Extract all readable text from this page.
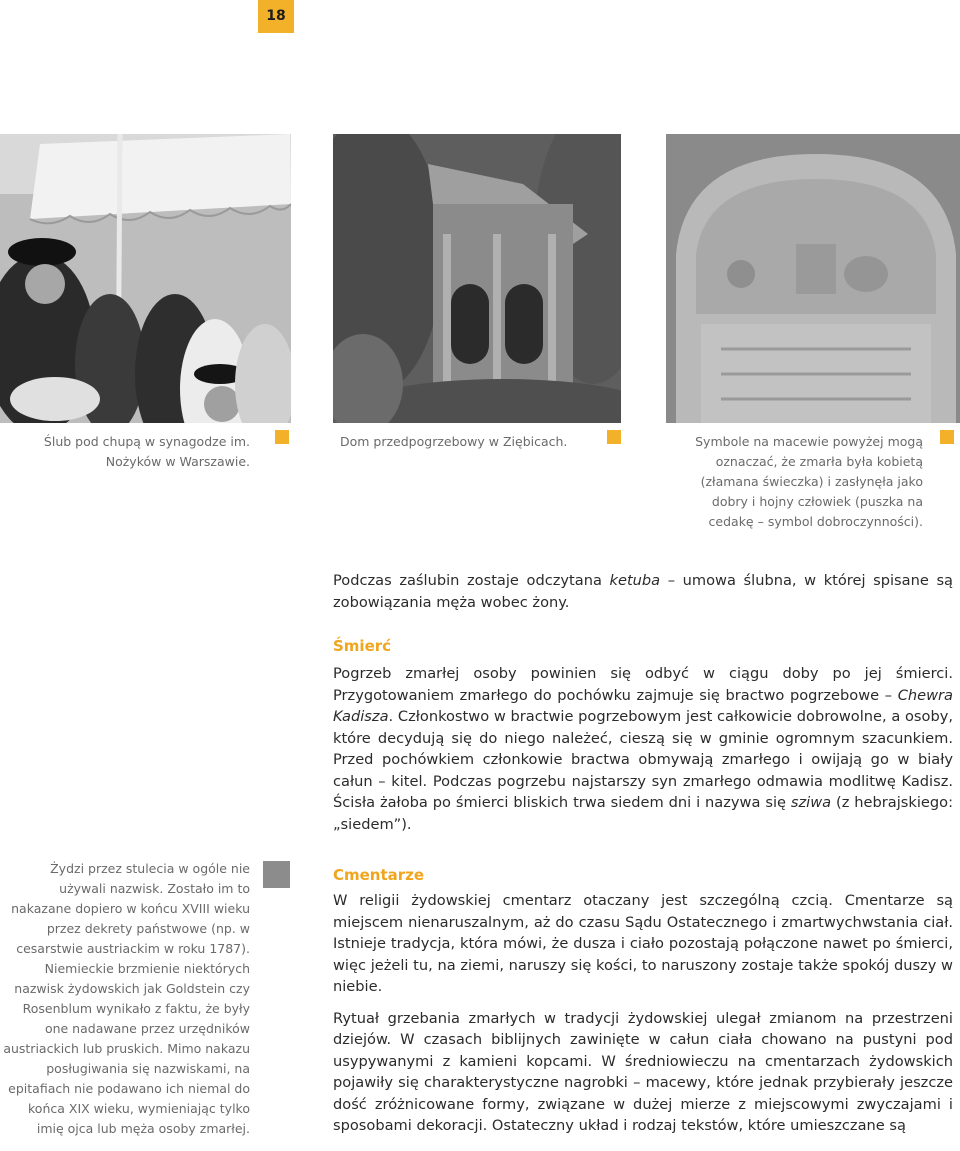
18
Ślub pod chupą w synagodze im. Nożyków w Warszawie.
Dom przedpogrzebowy w Ziębicach.	Symbole na macewie powyżej mogą oznaczać, że zmarła była kobietą (złamana świeczka) i zasłynęła jako dobry i hojny człowiek (puszka na cedakę – symbol dobroczynności).

Podczas zaślubin zostaje odczytana ketuba – umowa ślubna, w której spisane są zobowiązania męża wobec żony.

Śmierć

Pogrzeb zmarłej osoby powinien się odbyć w ciągu doby po jej śmierci. Przygotowaniem zmarłego do pochówku zajmuje się bractwo pogrzebowe – Chewra Kadisza. Członkostwo w bractwie pogrzebowym jest całkowicie dobrowolne, a osoby, które decydują się do niego należeć, cieszą się w gminie ogromnym szacunkiem. Przed pochówkiem członkowie bractwa obmywają zmarłego i owijają go w biały całun – kitel. Podczas pogrzebu najstarszy syn zmarłego odmawia modlitwę Kadisz. Ścisła żałoba po śmierci bliskich trwa siedem dni i nazywa się sziwa (z hebrajskiego: „siedem”).

Żydzi przez stulecia w ogóle nie używali nazwisk. Zostało im to nakazane dopiero w końcu XVIII wieku przez dekrety państwowe (np. w cesarstwie austriackim w roku 1787). Niemieckie brzmienie niektórych nazwisk żydowskich jak Goldstein czy Rosenblum wynikało z faktu, że były one nadawane przez urzędników austriackich lub pruskich. Mimo nakazu posługiwania się nazwiskami, na epitafiach nie podawano ich niemal do końca XIX wieku, wymieniając tylko imię ojca lub męża osoby zmarłej.
Cmentarze

W religii żydowskiej cmentarz otaczany jest szczególną czcią. Cmentarze są miejscem nienaruszalnym, aż do czasu Sądu Ostatecznego i zmartwychwstania ciał. Istnieje tradycja, która mówi, że dusza i ciało pozostają połączone nawet po śmierci, więc jeżeli tu, na ziemi, naruszy się kości, to naruszony zostaje także spokój duszy w niebie.

Rytuał grzebania zmarłych w tradycji żydowskiej ulegał zmianom na przestrzeni dziejów. W czasach biblijnych zawinięte w całun ciała chowano na pustyni pod usypywanymi z kamieni kopcami. W średniowieczu na cmentarzach żydowskich pojawiły się charakterystyczne nagrobki – macewy, które jednak przybierały jeszcze dość zróżnicowane formy, związane w dużej mierze z miejscowymi zwyczajami i sposobami dekoracji. Ostateczny układ i rodzaj tekstów, które umieszczane są
